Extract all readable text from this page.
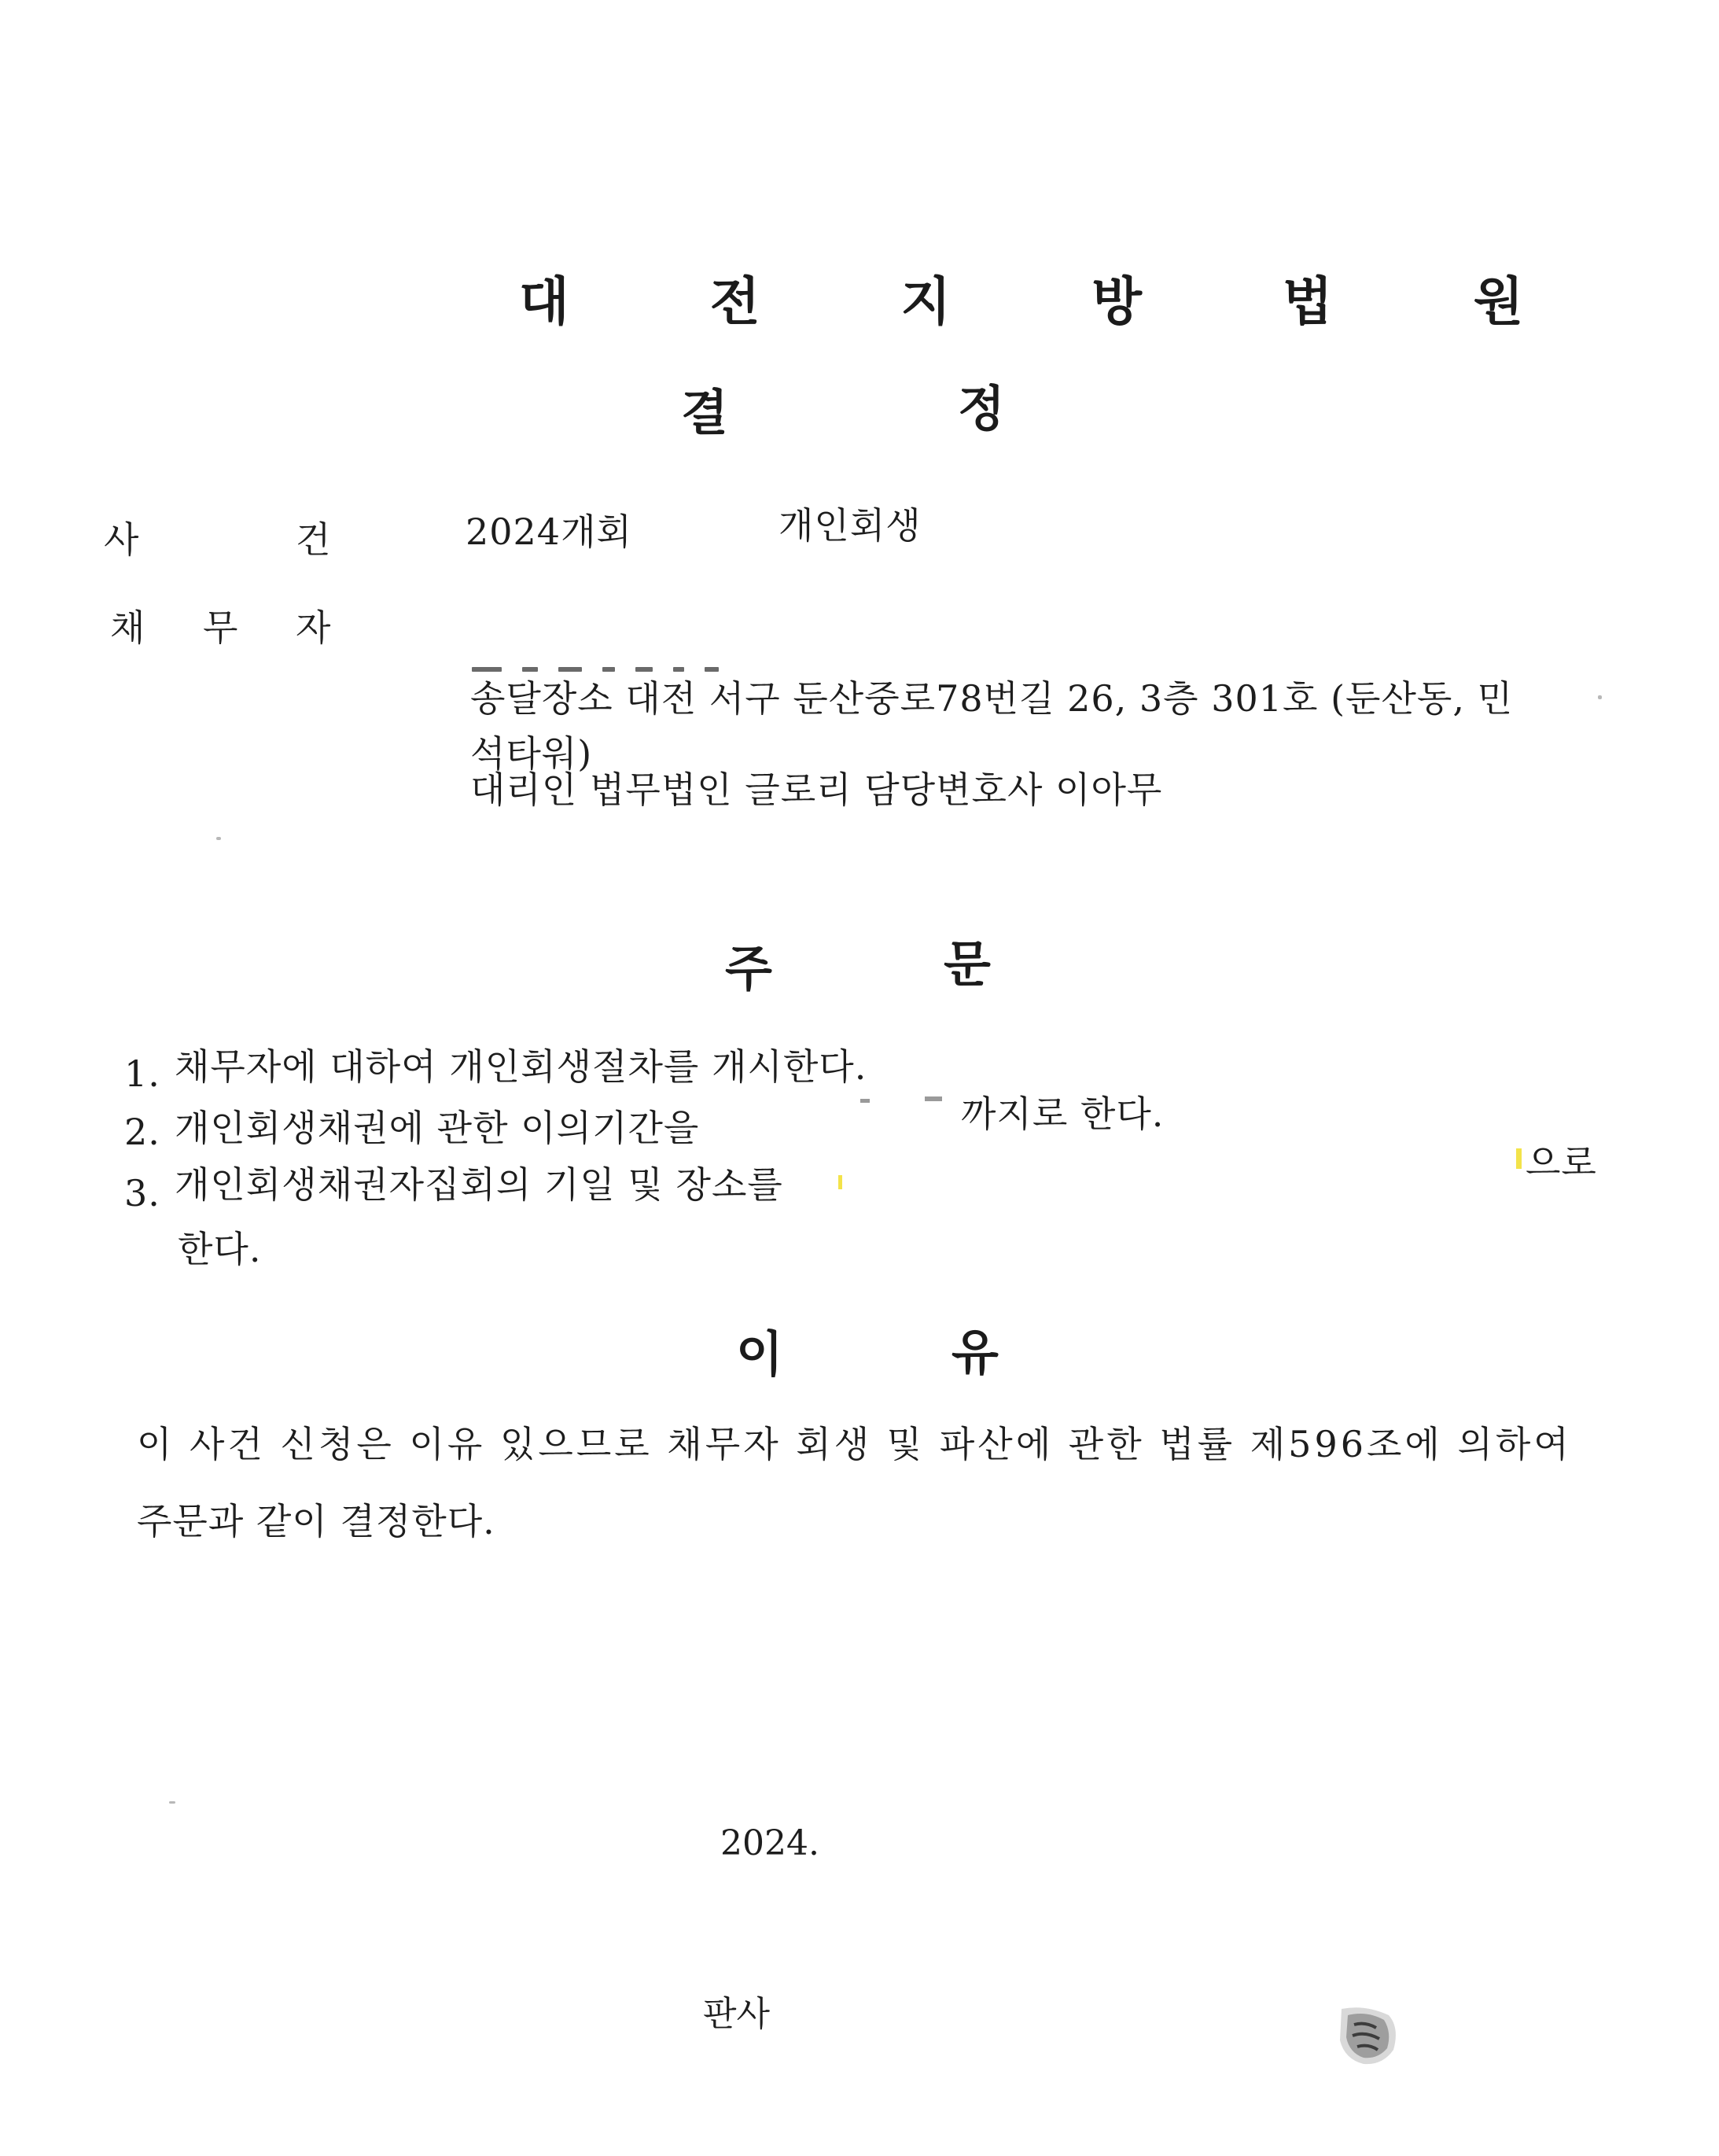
대 전 지 방 법 원
결	정
사	건	2024개회	개인회생
채 무 자
송달장소 대전 서구 둔산중로78번길 26, 3층 301호 (둔산동, 민
석타워)
대리인 법무법인 글로리 담당변호사 이아무
주	문
1. 채무자에 대하여 개인회생절차를 개시한다.
2. 개인회생채권에 관한 이의기간을	까지로 한다.
3. 개인회생채권자집회의 기일 및 장소를
으로
한다.
이	유
이 사건 신청은 이유 있으므로 채무자 회생 및 파산에 관한 법률 제596조에 의하여
주문과 같이 결정한다.
2024.
판사
